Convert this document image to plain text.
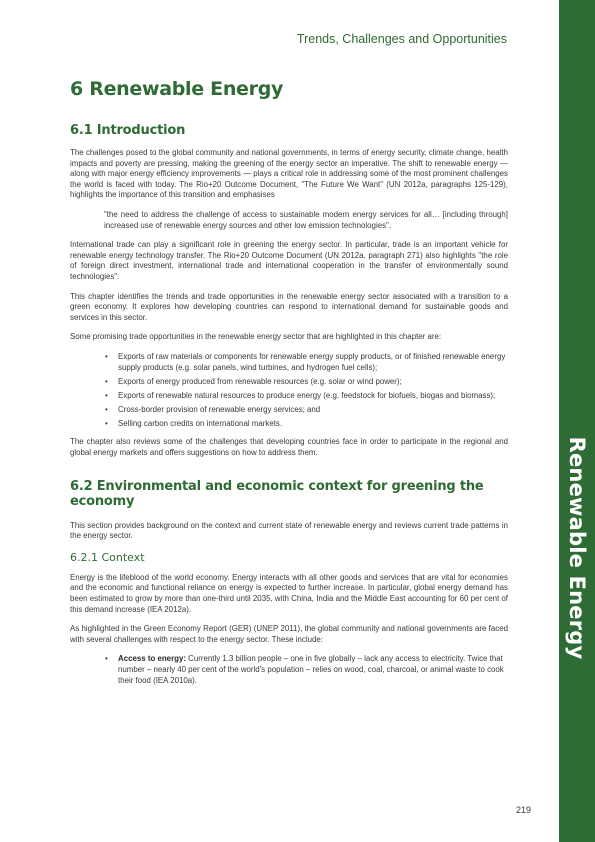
Renewable Energy
Trends, Challenges and Opportunities
6 Renewable Energy
6.1 Introduction

The challenges posed to the global community and national governments, in terms of energy security, climate change, health impacts and poverty are pressing, making the greening of the energy sector an imperative. The shift to renewable energy — along with major energy efficiency improvements — plays a critical role in addressing some of the most prominent challenges the world is faced with today. The Rio+20 Outcome Document, "The Future We Want" (UN 2012a, paragraphs 125-129), highlights the importance of this transition and emphasises

"the need to address the challenge of access to sustainable modern energy services for all… [including through] increased use of renewable energy sources and other low emission technologies".

International trade can play a significant role in greening the energy sector. In particular, trade is an important vehicle for renewable energy technology transfer. The Rio+20 Outcome Document (UN 2012a, paragraph 271) also highlights "the role of foreign direct investment, international trade and international cooperation in the transfer of environmentally sound technologies".

This chapter identifies the trends and trade opportunities in the renewable energy sector associated with a transition to a green economy. It explores how developing countries can respond to international demand for sustainable goods and services in this sector.

Some promising trade opportunities in the renewable energy sector that are highlighted in this chapter are:

• Exports of raw materials or components for renewable energy supply products, or of finished renewable energy supply products (e.g. solar panels, wind turbines, and hydrogen fuel cells);
• Exports of energy produced from renewable resources (e.g. solar or wind power);
• Exports of renewable natural resources to produce energy (e.g. feedstock for biofuels, biogas and biomass);
• Cross-border provision of renewable energy services; and
• Selling carbon credits on international markets.

The chapter also reviews some of the challenges that developing countries face in order to participate in the regional and global energy markets and offers suggestions on how to address them.

6.2 Environmental and economic context for greening the economy

This section provides background on the context and current state of renewable energy and reviews current trade patterns in the energy sector.

6.2.1 Context

Energy is the lifeblood of the world economy. Energy interacts with all other goods and services that are vital for economies and the economic and functional reliance on energy is expected to further increase. In particular, global energy demand has been estimated to grow by more than one-third until 2035, with China, India and the Middle East accounting for 60 per cent of this demand increase (IEA 2012a).

As highlighted in the Green Economy Report (GER) (UNEP 2011), the global community and national governments are faced with several challenges with respect to the energy sector. These include:

• Access to energy: Currently 1.3 billion people – one in five globally – lack any access to electricity. Twice that number – nearly 40 per cent of the world's population – relies on wood, coal, charcoal, or animal waste to cook their food (IEA 2010a).
219
